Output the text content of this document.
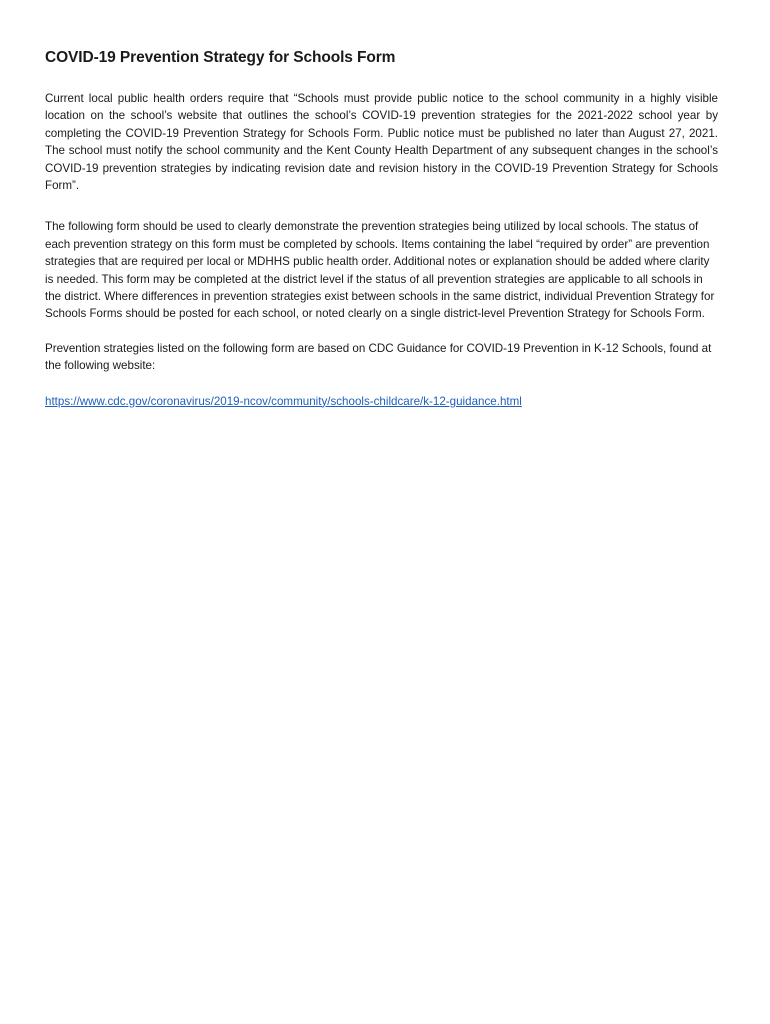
COVID-19 Prevention Strategy for Schools Form

Current local public health orders require that “Schools must provide public notice to the school community in a highly visible location on the school’s website that outlines the school’s COVID-19 prevention strategies for the 2021-2022 school year by completing the COVID-19 Prevention Strategy for Schools Form. Public notice must be published no later than August 27, 2021. The school must notify the school community and the Kent County Health Department of any subsequent changes in the school’s COVID-19 prevention strategies by indicating revision date and revision history in the COVID-19 Prevention Strategy for Schools Form”.

The following form should be used to clearly demonstrate the prevention strategies being utilized by local schools. The status of each prevention strategy on this form must be completed by schools. Items containing the label “required by order” are prevention strategies that are required per local or MDHHS public health order. Additional notes or explanation should be added where clarity is needed. This form may be completed at the district level if the status of all prevention strategies are applicable to all schools in the district. Where differences in prevention strategies exist between schools in the same district, individual Prevention Strategy for Schools Forms should be posted for each school, or noted clearly on a single district-level Prevention Strategy for Schools Form.

Prevention strategies listed on the following form are based on CDC Guidance for COVID-19 Prevention in K-12 Schools, found at the following website:

https://www.cdc.gov/coronavirus/2019-ncov/community/schools-childcare/k-12-guidance.html
